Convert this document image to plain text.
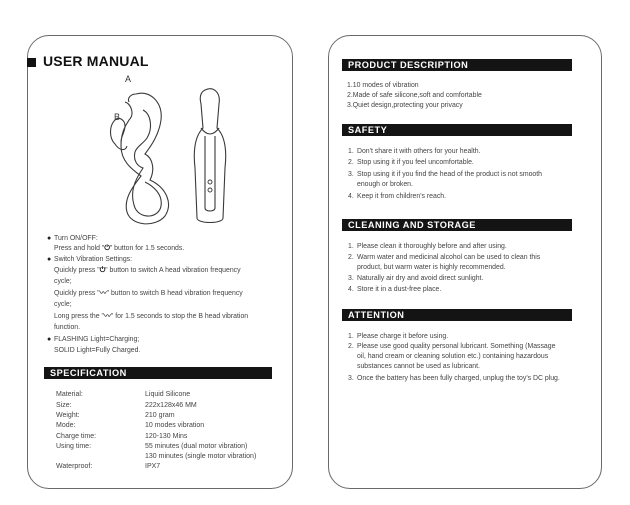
USER MANUAL
A
B
● Turn ON/OFF:
Press and hold "⏻" button for 1.5 seconds.
● Switch Vibration Settings:
Quickly press "⏻" button to switch A head vibration frequency
cycle;
Quickly press "〰" button to switch B head vibration frequency
cycle;
Long press the "〰" for 1.5 seconds to stop the B head vibration
function.
● FLASHING Light=Charging;
SOLID Light=Fully Charged.
SPECIFICATION
Material:	Liquid Silicone
Size:	222x128x46 MM
Weight:	210 gram
Mode:	10 modes vibration
Charge time:	120-130 Mins
Using time:	55 minutes (dual motor vibration)
130 minutes (single motor vibration)
Waterproof:	IPX7
PRODUCT DESCRIPTION
1.10 modes of vibration
2.Made of safe silicone,soft and comfortable
3.Quiet design,protecting your privacy
SAFETY
1. Don't share it with others for your health.
2. Stop using it if you feel uncomfortable.
3. Stop using it if you find the head of the product is not smooth
enough or broken.
4. Keep it from children's reach.
CLEANING AND STORAGE
1. Please clean it thoroughly before and after using.
2. Warm water and medicinal alcohol can be used to clean this
product, but warm water is highly recommended.
3. Naturally air dry and avoid direct sunlight.
4. Store it in a dust-free place.
ATTENTION
1. Please charge it before using.
2. Please use good quality personal lubricant. Something (Massage
oil, hand cream or cleaning solution etc.) containing hazardous
substances cannot be used as lubricant.
3. Once the battery has been fully charged, unplug the toy's DC plug.
